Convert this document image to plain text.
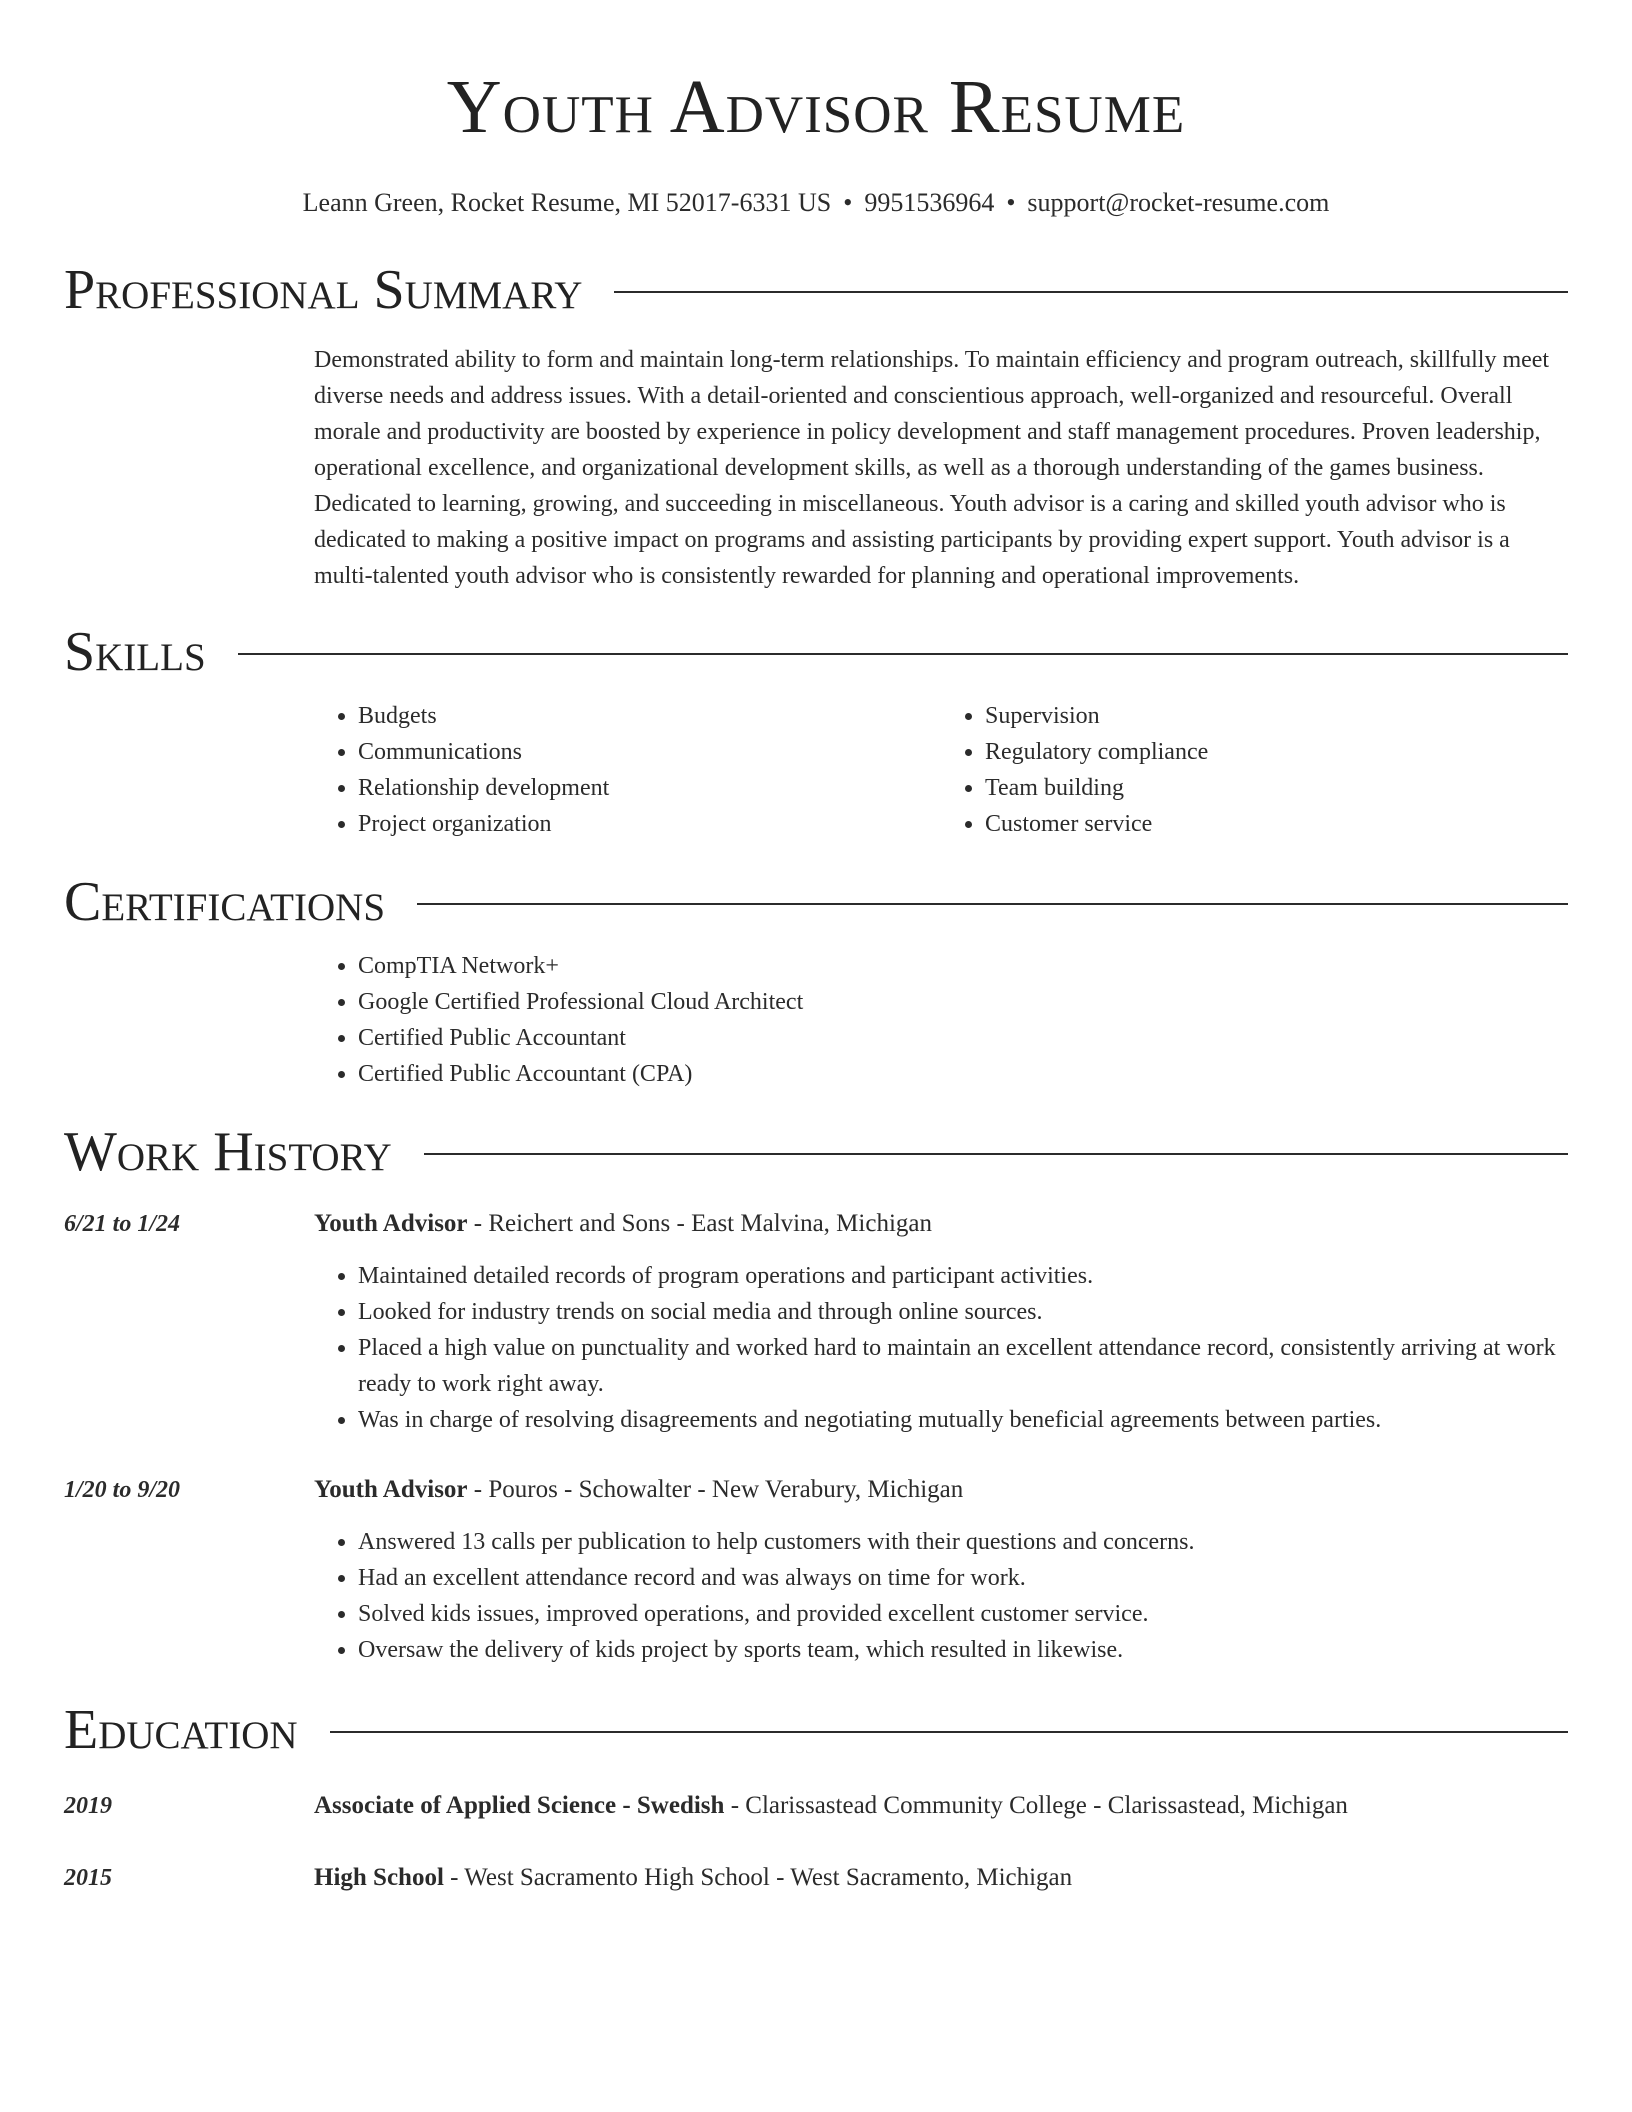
Youth Advisor Resume
Leann Green, Rocket Resume, MI 52017-6331 US • 9951536964 • support@rocket-resume.com
Professional Summary
Demonstrated ability to form and maintain long-term relationships. To maintain efficiency and program outreach, skillfully meet diverse needs and address issues. With a detail-oriented and conscientious approach, well-organized and resourceful. Overall morale and productivity are boosted by experience in policy development and staff management procedures. Proven leadership, operational excellence, and organizational development skills, as well as a thorough understanding of the games business. Dedicated to learning, growing, and succeeding in miscellaneous. Youth advisor is a caring and skilled youth advisor who is dedicated to making a positive impact on programs and assisting participants by providing expert support. Youth advisor is a multi-talented youth advisor who is consistently rewarded for planning and operational improvements.
Skills
• Budgets
• Communications
• Relationship development
• Project organization
• Supervision
• Regulatory compliance
• Team building
• Customer service
Certifications
• CompTIA Network+
• Google Certified Professional Cloud Architect
• Certified Public Accountant
• Certified Public Accountant (CPA)
Work History
6/21 to 1/24	Youth Advisor - Reichert and Sons - East Malvina, Michigan
• Maintained detailed records of program operations and participant activities.
• Looked for industry trends on social media and through online sources.
• Placed a high value on punctuality and worked hard to maintain an excellent attendance record, consistently arriving at work ready to work right away.
• Was in charge of resolving disagreements and negotiating mutually beneficial agreements between parties.
1/20 to 9/20	Youth Advisor - Pouros - Schowalter - New Verabury, Michigan
• Answered 13 calls per publication to help customers with their questions and concerns.
• Had an excellent attendance record and was always on time for work.
• Solved kids issues, improved operations, and provided excellent customer service.
• Oversaw the delivery of kids project by sports team, which resulted in likewise.
Education
2019	Associate of Applied Science - Swedish - Clarissastead Community College - Clarissastead, Michigan
2015	High School - West Sacramento High School - West Sacramento, Michigan
